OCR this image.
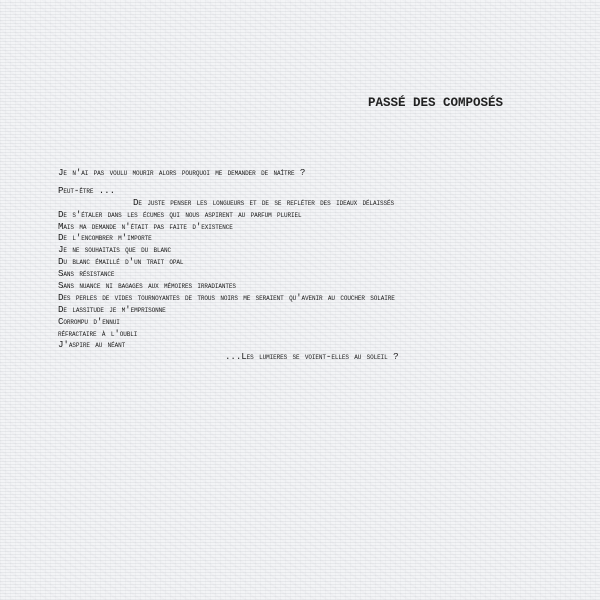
PASSÉ DES COMPOSÉS
Je n'ai pas voulu mourir alors pourquoi me demander de naître ?
Peut-être ...
De juste penser les longueurs et de se refléter des ideaux délaissés
De s'étaler dans les écumes qui nous aspirent au parfum pluriel
Mais ma demande n'était pas faite d'existence
De l'encombrer m'importe
Je ne souhaitais que du blanc
Du blanc émaillé d'un trait opal
Sans résistance
Sans nuance ni bagages aux mémoires irradiantes
Des perles de vides tournoyantes de trous noirs me seraient qu'avenir au coucher solaire
De lassitude je m'emprisonne
Corrompu d'ennui
réfractaire à l'oubli
J'aspire au néant
...Les lumieres se voient-elles au soleil ?
